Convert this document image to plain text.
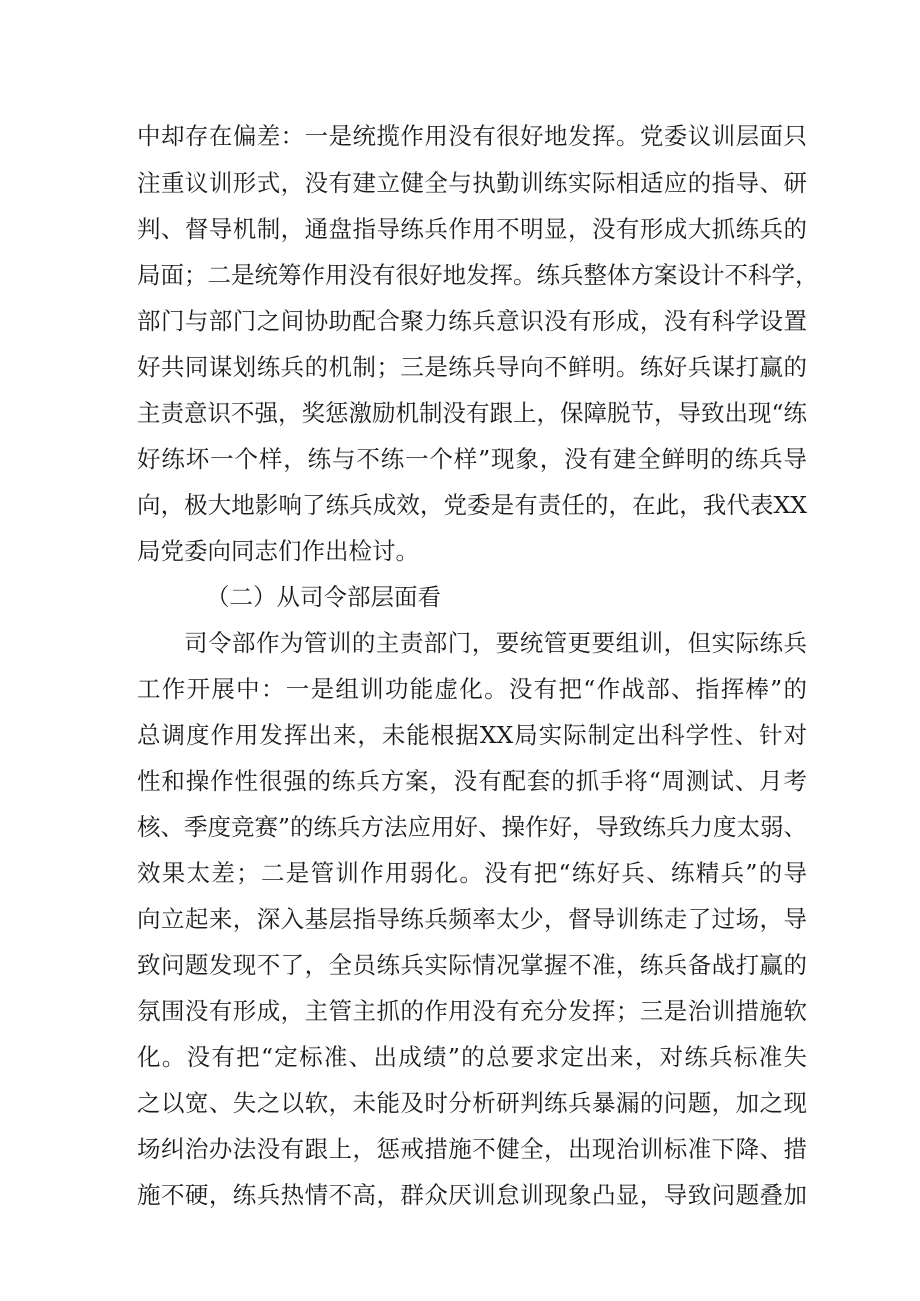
中却存在偏差：一是统揽作用没有很好地发挥。党委议训层面只
注重议训形式，没有建立健全与执勤训练实际相适应的指导、研
判、督导机制，通盘指导练兵作用不明显，没有形成大抓练兵的
局面；二是统筹作用没有很好地发挥。练兵整体方案设计不科学，
部门与部门之间协助配合聚力练兵意识没有形成，没有科学设置
好共同谋划练兵的机制；三是练兵导向不鲜明。练好兵谋打赢的
主责意识不强，奖惩激励机制没有跟上，保障脱节，导致出现“练
好练坏一个样，练与不练一个样”现象，没有建全鲜明的练兵导
向，极大地影响了练兵成效，党委是有责任的，在此，我代表XX
局党委向同志们作出检讨。
（二）从司令部层面看
司令部作为管训的主责部门，要统管更要组训，但实际练兵
工作开展中：一是组训功能虚化。没有把“作战部、指挥棒”的
总调度作用发挥出来，未能根据XX局实际制定出科学性、针对
性和操作性很强的练兵方案，没有配套的抓手将“周测试、月考
核、季度竞赛”的练兵方法应用好、操作好，导致练兵力度太弱、
效果太差；二是管训作用弱化。没有把“练好兵、练精兵”的导
向立起来，深入基层指导练兵频率太少，督导训练走了过场，导
致问题发现不了，全员练兵实际情况掌握不准，练兵备战打赢的
氛围没有形成，主管主抓的作用没有充分发挥；三是治训措施软
化。没有把“定标准、出成绩”的总要求定出来，对练兵标准失
之以宽、失之以软，未能及时分析研判练兵暴漏的问题，加之现
场纠治办法没有跟上，惩戒措施不健全，出现治训标准下降、措
施不硬，练兵热情不高，群众厌训怠训现象凸显，导致问题叠加
